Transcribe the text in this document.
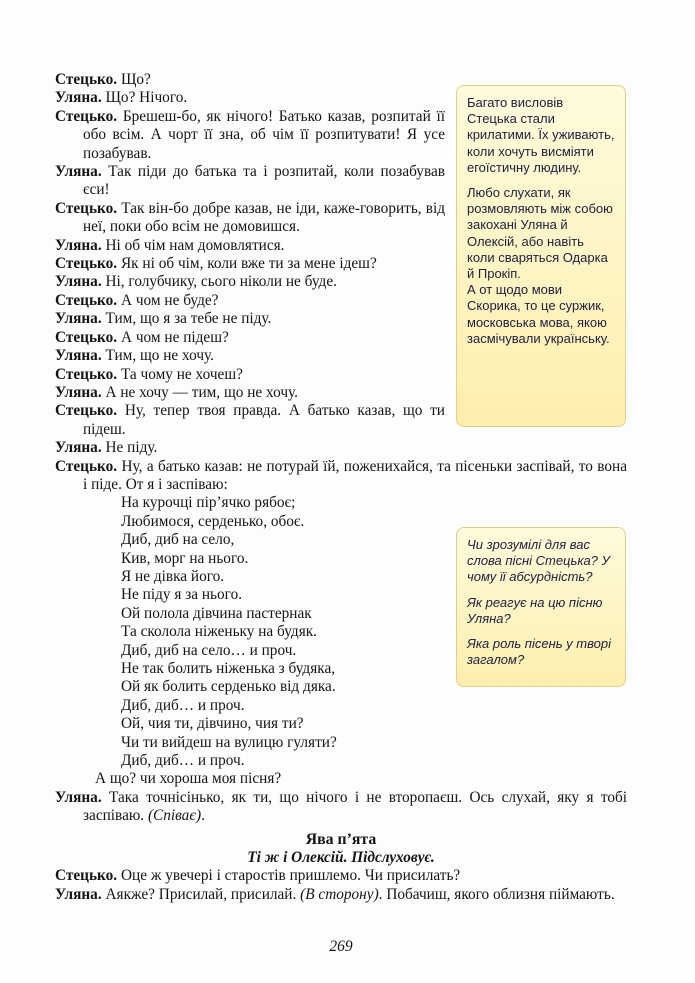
Стецько. Що?

Уляна. Що? Нічого.

Стецько. Брешеш-бо, як нічого! Батько казав, розпитай її обо всім. А чорт її зна, об чім її розпитувати! Я усе позабував.

Уляна. Так піди до батька та і розпитай, коли позабував єси!

Стецько. Так він-бо добре казав, не іди, каже-говорить, від неї, поки обо всім не домовишся.

Уляна. Ні об чім нам домовлятися.

Стецько. Як ні об чім, коли вже ти за мене ідеш?

Уляна. Ні, голубчику, сього ніколи не буде.

Стецько. А чом не буде?

Уляна. Тим, що я за тебе не піду.

Стецько. А чом не підеш?

Уляна. Тим, що не хочу.

Стецько. Та чому не хочеш?

Уляна. А не хочу — тим, що не хочу.

Стецько. Ну, тепер твоя правда. А батько казав, що ти підеш.

Уляна. Не піду.

Стецько. Ну, а батько казав: не потурай їй, поженихайся, та пісеньки заспівай, то вона і піде. От я і заспіваю:

На курочці пір’ячко рябоє;
Любимося, серденько, обоє.
Диб, диб на село,
Кив, морг на нього.
Я не дівка його.
Не піду я за нього.
Ой полола дівчина пастернак
Та сколола ніженьку на будяк.
Диб, диб на село… и проч.
Не так болить ніженька з будяка,
Ой як болить серденько від дяка.
Диб, диб… и проч.
Ой, чия ти, дівчино, чия ти?
Чи ти вийдеш на вулицю гуляти?
Диб, диб… и проч.

А що? чи хороша моя пісня?

Уляна. Така точнісінько, як ти, що нічого і не второпаєш. Ось слухай, яку я тобі заспіваю. (Співає).

Ява п’ята

Ті ж і Олексій. Підслуховує.

Стецько. Оце ж увечері і старостів пришлемо. Чи присилать?

Уляна. Аякже? Присилай, присилай. (В сторону). Побачиш, якого облизня піймають.

Багато висловів Стецька стали крилатими. Їх уживають, коли хочуть висміяти егоїстичну людину.

Любо слухати, як розмовляють між собою закохані Уляна й Олексій, або навіть коли сваряться Одарка й Прокіп.

А от щодо мови Скорика, то це суржик, московська мова, якою засмічували українську.

Чи зрозумілі для вас слова пісні Стецька? У чому її абсурдність?

Як реагує на цю пісню Уляна?

Яка роль пісень у творі загалом?

269
